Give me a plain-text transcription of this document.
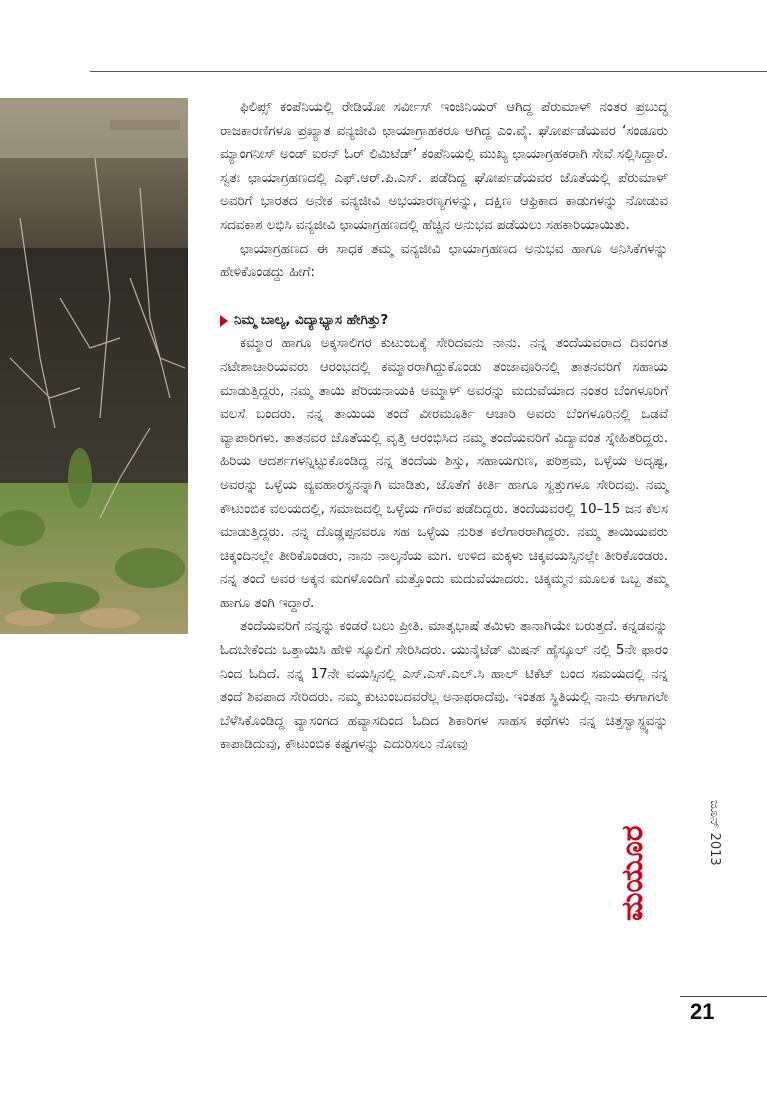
ಫಿಲಿಪ್ಸ್ ಕಂಪೆನಿಯಲ್ಲಿ ರೇಡಿಯೋ ಸರ್ವೀಸ್ ಇಂಜಿನಿಯರ್ ಆಗಿದ್ದ ಪೆರುಮಾಳ್ ನಂತರ ಪ್ರಬುದ್ಧ ರಾಜಕಾರಣಿಗಳೂ ಪ್ರಖ್ಯಾತ ವನ್ಯಜೀವಿ ಛಾಯಾಗ್ರಾಹಕರೂ ಆಗಿದ್ದ ಎಂ.ವೈ. ಘೋರ್ಪಡೆಯವರ ‘ಸಂಡೂರು ಮ್ಯಾಂಗನೀಸ್ ಅಂಡ್ ಐರನ್ ಓರ್ ಲಿಮಿಟೆಡ್’ ಕಂಪೆನಿಯಲ್ಲಿ ಮುಖ್ಯ ಛಾಯಾಗ್ರಹಕರಾಗಿ ಸೇವೆ ಸಲ್ಲಿಸಿದ್ದಾರೆ. ಸ್ವತಃ ಛಾಯಾಗ್ರಹಣದಲ್ಲಿ ಎಫ್.ಆರ್.ಪಿ.ಎಸ್. ಪಡೆದಿದ್ದ ಘೋರ್ಪಡೆಯವರ ಜೊತೆಯಲ್ಲಿ ಪೆರುಮಾಳ್ ಅವರಿಗೆ ಭಾರತದ ಅನೇಕ ವನ್ಯಜೀವಿ ಅಭಯಾರಣ್ಯಗಳನ್ನು, ದಕ್ಷಿಣ ಆಫ್ರಿಕಾದ ಕಾಡುಗಳನ್ನು ನೋಡುವ ಸದವಕಾಶ ಲಭಿಸಿ ವನ್ಯಜೀವಿ ಛಾಯಾಗ್ರಹಣದಲ್ಲಿ ಹೆಚ್ಚಿನ ಅನುಭವ ಪಡೆಯಲು ಸಹಕಾರಿಯಾಯಿತು.

ಛಾಯಾಗ್ರಹಣದ ಈ ಸಾಧಕ ತಮ್ಮ ವನ್ಯಜೀವಿ ಛಾಯಾಗ್ರಹಣದ ಅನುಭವ ಹಾಗೂ ಅನಿಸಿಕೆಗಳನ್ನು ಹೇಳಿಕೊಂಡದ್ದು ಹೀಗೆ:

ನಿಮ್ಮ ಬಾಲ್ಯ, ವಿದ್ಯಾಭ್ಯಾಸ ಹೇಗಿತ್ತು?

ಕಮ್ಮಾರ ಹಾಗೂ ಅಕ್ಕಸಾಲಿಗರ ಕುಟುಂಬಕ್ಕೆ ಸೇರಿದವನು ನಾನು. ನನ್ನ ತಂದೆಯವರಾದ ದಿವಂಗತ ನಟೇಶಾಚಾರಿಯವರು ಆರಂಭದಲ್ಲಿ ಕಮ್ಮಾರರಾಗಿದ್ದುಕೊಂಡು ತಂಜಾವೂರಿನಲ್ಲಿ ತಾತನವರಿಗೆ ಸಹಾಯ ಮಾಡುತ್ತಿದ್ದರು, ನಮ್ಮ ತಾಯಿ ಪೆರಿಯನಾಯಕಿ ಅಮ್ಮಾಳ್ ಅವರನ್ನು ಮದುವೆಯಾದ ನಂತರ ಬೆಂಗಳೂರಿಗೆ ವಲಸೆ ಬಂದರು. ನನ್ನ ತಾಯಿಯ ತಂದೆ ವೀರಮೂರ್ತಿ ಆಚಾರಿ ಅವರು ಬೆಂಗಳೂರಿನಲ್ಲಿ ಒಡವೆ ವ್ಯಾಪಾರಿಗಳು. ತಾತನವರ ಜೊತೆಯಲ್ಲಿ ವೃತ್ತಿ ಆರಂಭಿಸಿದ ನಮ್ಮ ತಂದೆಯವರಿಗೆ ವಿದ್ಯಾವಂತ ಸ್ನೇಹಿತರಿದ್ದರು. ಹಿರಿಯ ಆದರ್ಶಗಳನ್ನಿಟ್ಟುಕೊಂಡಿದ್ದ ನನ್ನ ತಂದೆಯ ಶಿಸ್ತು, ಸಹಾಯಗುಣ, ಪರಿಶ್ರಮ, ಒಳ್ಳೆಯ ಅದೃಷ್ಟ, ಅವರನ್ನು ಒಳ್ಳೆಯ ವ್ಯವಹಾರಸ್ಥನನ್ನಾಗಿ ಮಾಡಿತು, ಜೊತೆಗೆ ಕೀರ್ತಿ ಹಾಗೂ ಸ್ವತ್ತುಗಳೂ ಸೇರಿದವು. ನಮ್ಮ ಕೌಟುಂಬಿಕ ವಲಯದಲ್ಲಿ, ಸಮಾಜದಲ್ಲಿ ಒಳ್ಳೆಯ ಗೌರವ ಪಡೆದಿದ್ದರು. ತಂದೆಯವರಲ್ಲಿ 10–15 ಜನ ಕೆಲಸ ಮಾಡುತ್ತಿದ್ದರು. ನನ್ನ ದೊಡ್ಡಪ್ಪನವರೂ ಸಹ ಒಳ್ಳೆಯ ನುರಿತ ಕಲೆಗಾರರಾಗಿದ್ದರು. ನಮ್ಮ ತಾಯಿಯವರು ಚಿಕ್ಕಂದಿನಲ್ಲೇ ತೀರಿಕೊಂಡರು, ನಾನು ನಾಲ್ಕನೆಯ ಮಗ. ಉಳಿದ ಮಕ್ಕಳು ಚಿಕ್ಕವಯಸ್ಸಿನಲ್ಲೇ ತೀರಿಕೊಂಡರು. ನನ್ನ ತಂದೆ ಅವರ ಅಕ್ಕನ ಮಗಳೊಂದಿಗೆ ಮತ್ತೊಂದು ಮದುವೆಯಾದರು. ಚಿಕ್ಕಮ್ಮನ ಮೂಲಕ ಒಬ್ಬ ತಮ್ಮ ಹಾಗೂ ತಂಗಿ ಇದ್ದಾರೆ.

ತಂದೆಯವರಿಗೆ ನನ್ನನ್ನು ಕಂಡರೆ ಬಲು ಪ್ರೀತಿ. ಮಾತೃಭಾಷೆ ತಮಿಳು ತಾನಾಗಿಯೇ ಬರುತ್ತದೆ. ಕನ್ನಡವನ್ನು ಓದಬೇಕೆಂದು ಒತ್ತಾಯಿಸಿ ಹೇಳಿ ಸ್ಕೂಲಿಗೆ ಸೇರಿಸಿದರು. ಯುನೈಟೆಡ್ ಮಿಷನ್ ಹೈಸ್ಕೂಲ್ ನಲ್ಲಿ 5ನೇ ಫಾರಂ ನಿಂದ ಓದಿದೆ. ನನ್ನ 17ನೇ ವಯಸ್ಸಿನಲ್ಲಿ ಎಸ್.ಎಸ್.ಎಲ್.ಸಿ ಹಾಲ್ ಟಿಕೆಟ್ ಬಂದ ಸಮಯದಲ್ಲಿ ನನ್ನ ತಂದೆ ಶಿವಪಾದ ಸೇರಿದರು. ನಮ್ಮ ಕುಟುಂಬದವರೆಲ್ಲ ಅನಾಥರಾದೆವು. ಇಂತಹ ಸ್ಥಿತಿಯಲ್ಲಿ ನಾನು ಈಗಾಗಲೇ ಬೆಳೆಸಿಕೊಂಡಿದ್ದ ವ್ಯಾಸಂಗದ ಹವ್ಯಾಸದಿಂದ ಓದಿದ ಶಿಕಾರಿಗಳ ಸಾಹಸ ಕಥೆಗಳು ನನ್ನ ಚಿತ್ತಸ್ವಾಸ್ಥ್ಯವನ್ನು ಕಾಪಾಡಿದುವು, ಕೌಟುಂಬಿಕ ಕಷ್ಟಗಳನ್ನು ಎದುರಿಸಲು ನೋವು

ಜೂನ್ 2013
ಮಯೂರ
21
